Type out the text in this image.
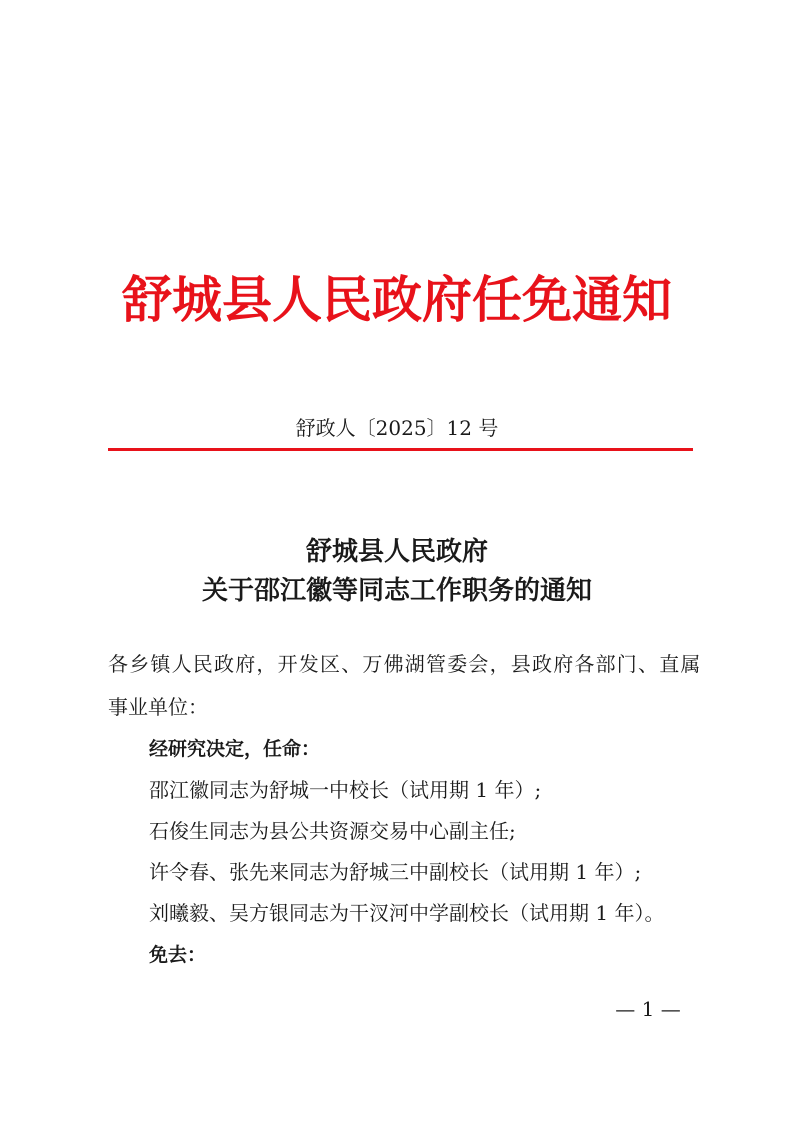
舒城县人民政府任免通知
舒政人〔2025〕12 号
舒城县人民政府
关于邵江徽等同志工作职务的通知
各乡镇人民政府，开发区、万佛湖管委会，县政府各部门、直属
事业单位：
经研究决定，任命：
邵江徽同志为舒城一中校长（试用期 1 年）;
石俊生同志为县公共资源交易中心副主任;
许令春、张先来同志为舒城三中副校长（试用期 1 年）;
刘曦毅、吴方银同志为干汊河中学副校长（试用期 1 年）。
免去：
— 1 —
